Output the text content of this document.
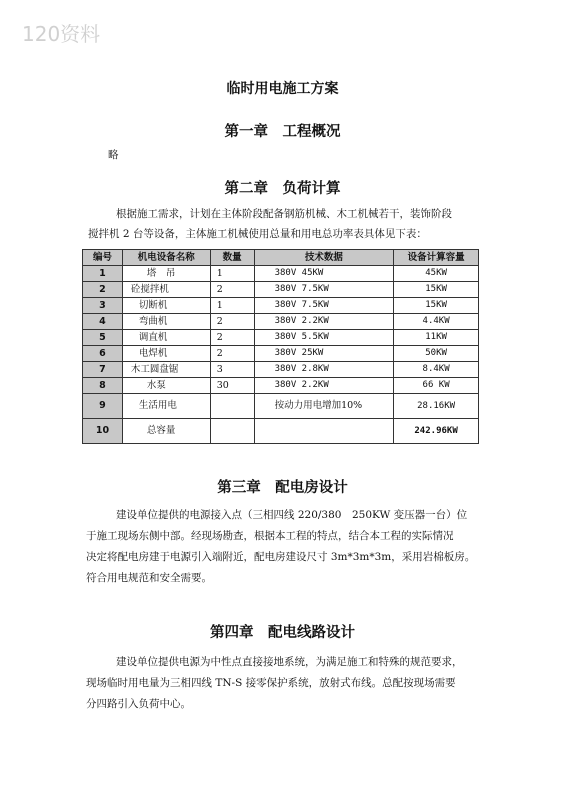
120资料
临时用电施工方案
第一章　工程概况
略
第二章　负荷计算
根据施工需求，计划在主体阶段配备钢筋机械、木工机械若干，装饰阶段
搅拌机 2 台等设备，主体施工机械使用总量和用电总功率表具体见下表：
编号	机电设备名称	数量	技术数据	设备计算容量
1	塔　吊	1	380V 45KW	45KW
2	砼搅拌机	2	380V 7.5KW	15KW
3	切断机	1	380V 7.5KW	15KW
4	弯曲机	2	380V 2.2KW	4.4KW
5	调直机	2	380V 5.5KW	11KW
6	电焊机	2	380V 25KW	50KW
7	木工圆盘锯	3	380V 2.8KW	8.4KW
8	水泵	30	380V 2.2KW	66 KW
9	生活用电		按动力用电增加10%	28.16KW
10	总容量			242.96KW
第三章　配电房设计
建设单位提供的电源接入点（三相四线 220/380　250KW 变压器一台）位
于施工现场东侧中部。经现场勘查，根据本工程的特点，结合本工程的实际情况
决定将配电房建于电源引入端附近，配电房建设尺寸 3m*3m*3m，采用岩棉板房。
符合用电规范和安全需要。
第四章　配电线路设计
建设单位提供电源为中性点直接接地系统，为满足施工和特殊的规范要求，
现场临时用电量为三相四线 TN-S 接零保护系统，放射式布线。总配按现场需要
分四路引入负荷中心。
